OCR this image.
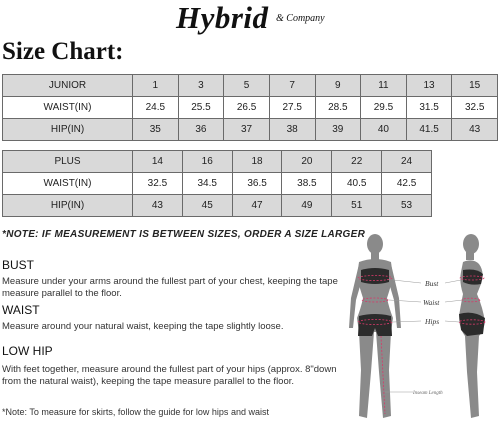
Hybrid & Company
Size Chart:
JUNIOR	1	3	5	7	9	11	13	15
WAIST(IN)	24.5	25.5	26.5	27.5	28.5	29.5	31.5	32.5
HIP(IN)	35	36	37	38	39	40	41.5	43
PLUS	14	16	18	20	22	24
WAIST(IN)	32.5	34.5	36.5	38.5	40.5	42.5
HIP(IN)	43	45	47	49	51	53
*NOTE: IF MEASUREMENT IS BETWEEN SIZES, ORDER A SIZE LARGER
BUST
Measure under your arms around the fullest part of your chest, keeping the tape measure parallel to the floor.
WAIST
Measure around your natural waist, keeping the tape slightly loose.
LOW HIP
With feet together, measure around the fullest part of your hips (approx. 8"down from the natural waist), keeping the tape measure parallel to the floor.
*Note: To measure for skirts, follow the guide for low hips and waist
Bust
Waist
Hips
Inseam Length
